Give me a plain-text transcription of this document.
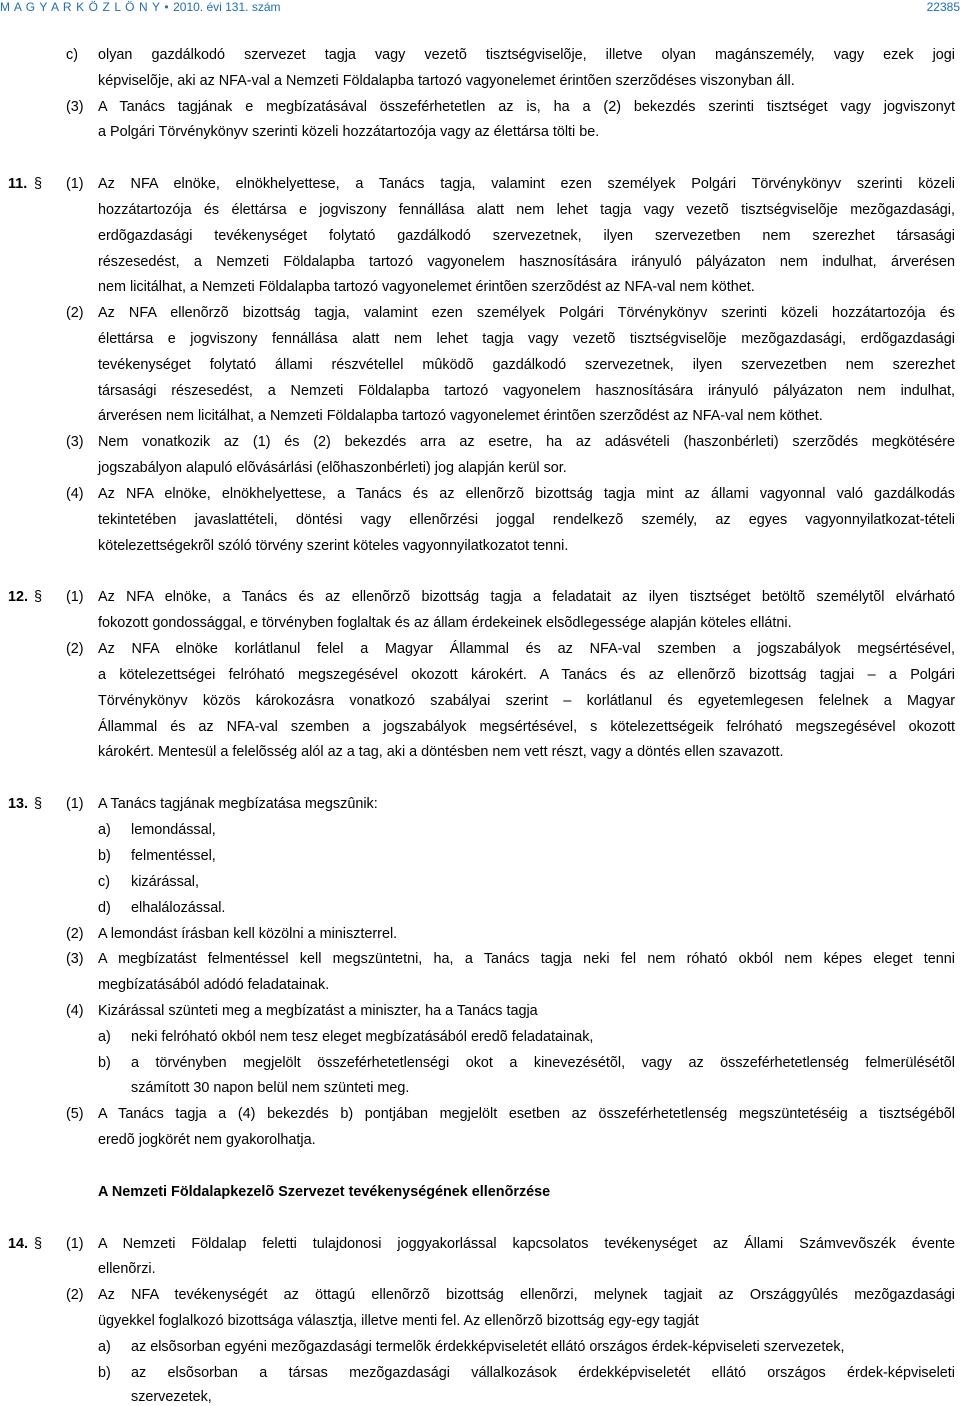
M A G Y A R K Ö Z L Ö N Y • 2010. évi 131. szám	22385
c) olyan gazdálkodó szervezet tagja vagy vezetõ tisztségviselõje, illetve olyan magánszemély, vagy ezek jogi
képviselõje, aki az NFA-val a Nemzeti Földalapba tartozó vagyonelemet érintõen szerzõdéses viszonyban áll.
(3) A Tanács tagjának e megbízatásával összeférhetetlen az is, ha a (2) bekezdés szerinti tisztséget vagy jogviszonyt
a Polgári Törvénykönyv szerinti közeli hozzátartozója vagy az élettársa tölti be.
11. § (1) Az NFA elnöke, elnökhelyettese, a Tanács tagja, valamint ezen személyek Polgári Törvénykönyv szerinti közeli
hozzátartozója és élettársa e jogviszony fennállása alatt nem lehet tagja vagy vezetõ tisztségviselõje mezõgazdasági,
erdõgazdasági tevékenységet folytató gazdálkodó szervezetnek, ilyen szervezetben nem szerezhet társasági
részesedést, a Nemzeti Földalapba tartozó vagyonelem hasznosítására irányuló pályázaton nem indulhat, árverésen
nem licitálhat, a Nemzeti Földalapba tartozó vagyonelemet érintõen szerzõdést az NFA-val nem köthet.
(2) Az NFA ellenõrzõ bizottság tagja, valamint ezen személyek Polgári Törvénykönyv szerinti közeli hozzátartozója és
élettársa e jogviszony fennállása alatt nem lehet tagja vagy vezetõ tisztségviselõje mezõgazdasági, erdõgazdasági
tevékenységet folytató állami részvétellel mûködõ gazdálkodó szervezetnek, ilyen szervezetben nem szerezhet
társasági részesedést, a Nemzeti Földalapba tartozó vagyonelem hasznosítására irányuló pályázaton nem indulhat,
árverésen nem licitálhat, a Nemzeti Földalapba tartozó vagyonelemet érintõen szerzõdést az NFA-val nem köthet.
(3) Nem vonatkozik az (1) és (2) bekezdés arra az esetre, ha az adásvételi (haszonbérleti) szerzõdés megkötésére
jogszabályon alapuló elõvásárlási (elõhaszonbérleti) jog alapján kerül sor.
(4) Az NFA elnöke, elnökhelyettese, a Tanács és az ellenõrzõ bizottság tagja mint az állami vagyonnal való gazdálkodás
tekintetében javaslattételi, döntési vagy ellenõrzési joggal rendelkezõ személy, az egyes vagyonnyilatkozat-tételi
kötelezettségekrõl szóló törvény szerint köteles vagyonnyilatkozatot tenni.
12. § (1) Az NFA elnöke, a Tanács és az ellenõrzõ bizottság tagja a feladatait az ilyen tisztséget betöltõ személytõl elvárható
fokozott gondossággal, e törvényben foglaltak és az állam érdekeinek elsõdlegessége alapján köteles ellátni.
(2) Az NFA elnöke korlátlanul felel a Magyar Állammal és az NFA-val szemben a jogszabályok megsértésével,
a kötelezettségei felróható megszegésével okozott károkért. A Tanács és az ellenõrzõ bizottság tagjai – a Polgári
Törvénykönyv közös károkozásra vonatkozó szabályai szerint – korlátlanul és egyetemlegesen felelnek a Magyar
Állammal és az NFA-val szemben a jogszabályok megsértésével, s kötelezettségeik felróható megszegésével okozott
károkért. Mentesül a felelõsség alól az a tag, aki a döntésben nem vett részt, vagy a döntés ellen szavazott.
13. § (1) A Tanács tagjának megbízatása megszûnik:
a) lemondással,
b) felmentéssel,
c) kizárással,
d) elhalálozással.
(2) A lemondást írásban kell közölni a miniszterrel.
(3) A megbízatást felmentéssel kell megszüntetni, ha, a Tanács tagja neki fel nem róható okból nem képes eleget tenni
megbízatásából adódó feladatainak.
(4) Kizárással szünteti meg a megbízatást a miniszter, ha a Tanács tagja
a) neki felróható okból nem tesz eleget megbízatásából eredõ feladatainak,
b) a törvényben megjelölt összeférhetetlenségi okot a kinevezésétõl, vagy az összeférhetetlenség felmerülésétõl
számított 30 napon belül nem szünteti meg.
(5) A Tanács tagja a (4) bekezdés b) pontjában megjelölt esetben az összeférhetetlenség megszüntetéséig a tisztségébõl
eredõ jogkörét nem gyakorolhatja.
A Nemzeti Földalapkezelõ Szervezet tevékenységének ellenõrzése
14. § (1) A Nemzeti Földalap feletti tulajdonosi joggyakorlással kapcsolatos tevékenységet az Állami Számvevõszék évente
ellenõrzi.
(2) Az NFA tevékenységét az öttagú ellenõrzõ bizottság ellenõrzi, melynek tagjait az Országgyûlés mezõgazdasági
ügyekkel foglalkozó bizottsága választja, illetve menti fel. Az ellenõrzõ bizottság egy-egy tagját
a) az elsõsorban egyéni mezõgazdasági termelõk érdekképviseletét ellátó országos érdek-képviseleti szervezetek,
b) az elsõsorban a társas mezõgazdasági vállalkozások érdekképviseletét ellátó országos érdek-képviseleti
szervezetek,
